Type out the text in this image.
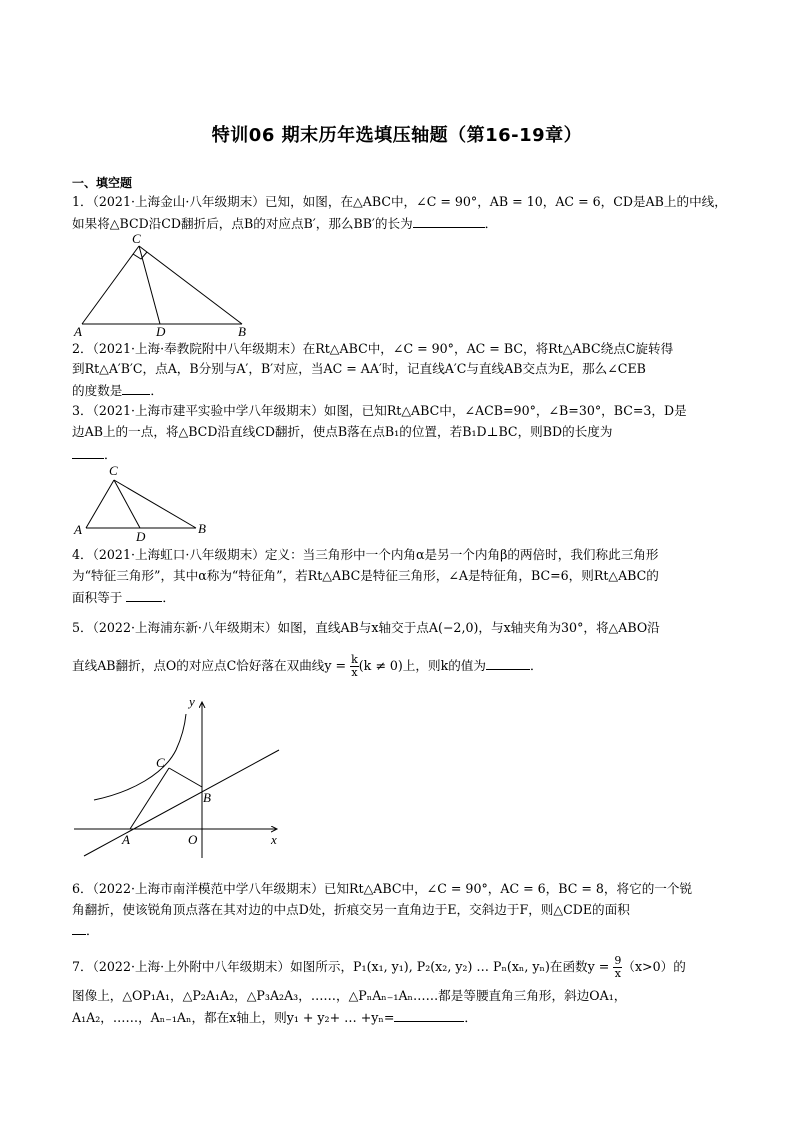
特训06 期末历年选填压轴题（第16-19章）
一、填空题
1．（2021·上海金山·八年级期末）已知，如图，在△ABC中，∠C = 90°，AB = 10，AC = 6，CD是AB上的中线，
如果将△BCD沿CD翻折后，点B的对应点B′，那么BB′的长为	．
C
A	D	B
2．（2021·上海·奉教院附中八年级期末）在Rt△ABC中，∠C = 90°，AC = BC，将Rt△ABC绕点C旋转得
到Rt△A′B′C，点A，B分别与A′，B′对应，当AC = AA′时，记直线A′C与直线AB交点为E，那么∠CEB
的度数是 ．
3．（2021·上海市建平实验中学八年级期末）如图，已知Rt△ABC中，∠ACB=90°，∠B=30°，BC=3，D是
边AB上的一点，将△BCD沿直线CD翻折，使点B落在点B₁的位置，若B₁D⊥BC，则BD的长度为
．
C
A	D
B
4．（2021·上海虹口·八年级期末）定义：当三角形中一个内角α是另一个内角β的两倍时，我们称此三角形
为“特征三角形”，其中α称为“特征角”，若Rt△ABC是特征三角形，∠A是特征角，BC=6，则Rt△ABC的
面积等于	．
5．（2022·上海浦东新·八年级期末）如图，直线AB与x轴交于点A(−2,0)，与x轴夹角为30°，将△ABO沿
直线AB翻折，点O的对应点C恰好落在双曲线$y = \frac{k}{x} (k \ne 0)$上，则k的值为	．
y
x
C
B
A	O
6．（2022·上海市南洋模范中学八年级期末）已知Rt△ABC中，∠C = 90°，AC = 6，BC = 8，将它的一个锐
角翻折，使该锐角顶点落在其对边的中点D处，折痕交另一直角边于E，交斜边于F，则△CDE的面积
．
7．（2022·上海·上外附中八年级期末）如图所示，P₁(x₁, y₁), P₂(x₂, y₂) … Pₙ(xₙ, yₙ)在函数$y = \frac{9}{x} (x>0)$的
图像上，△OP₁A₁，△P₂A₁A₂，△P₃A₂A₃，……，△PₙAₙ₋₁Aₙ……都是等腰直角三角形，斜边OA₁，
A₁A₂，……，Aₙ₋₁Aₙ，都在x轴上，则y₁ + y₂+ … +yₙ=	．
